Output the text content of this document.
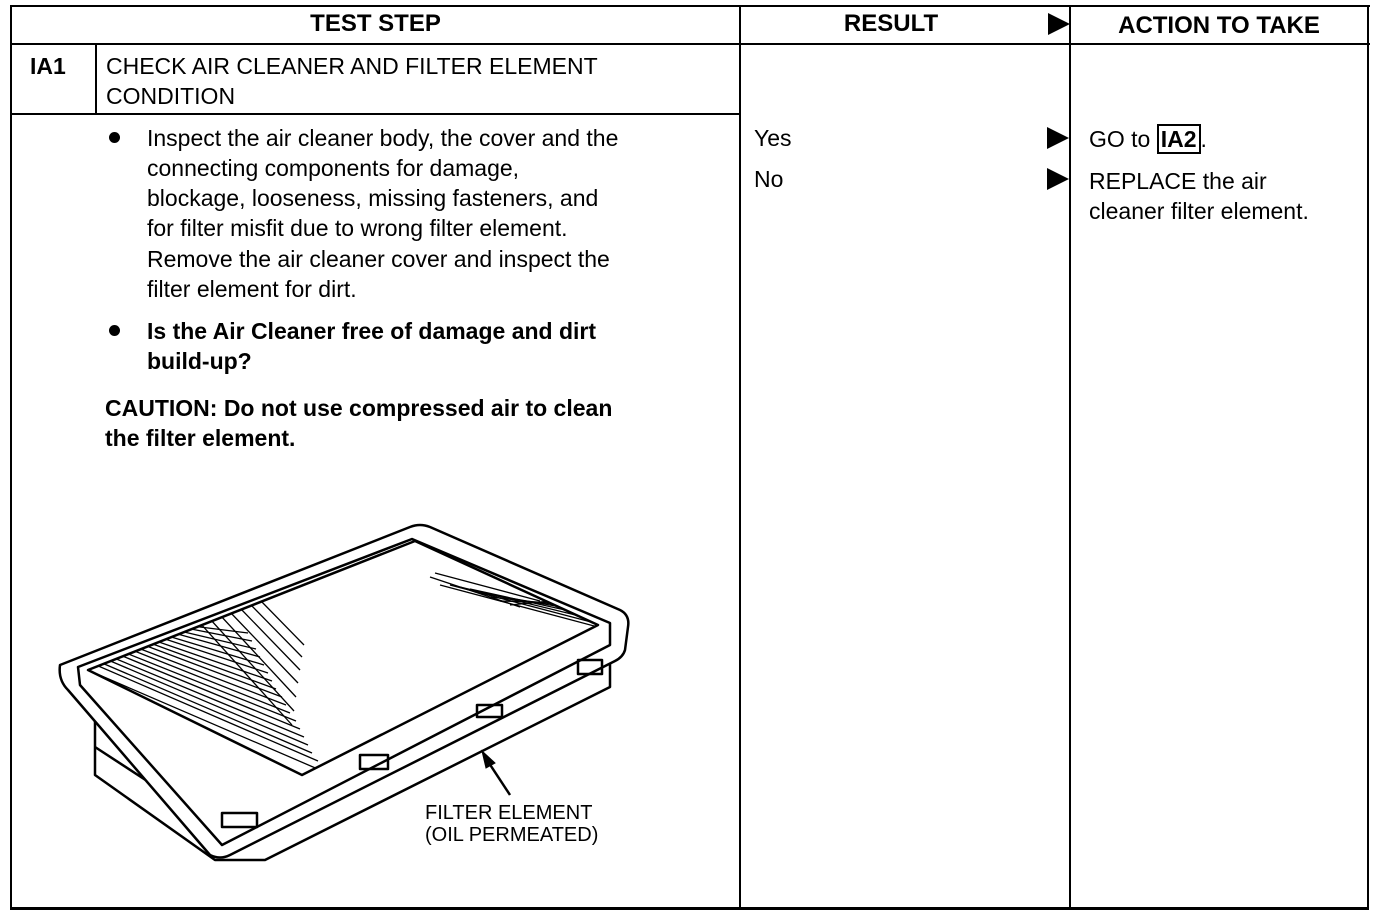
TEST STEP	RESULT	ACTION TO TAKE
IA1 CHECK AIR CLEANER AND FILTER ELEMENT
CONDITION
Inspect the air cleaner body, the cover and the
connecting components for damage,
blockage, looseness, missing fasteners, and
for filter misfit due to wrong filter element.
Remove the air cleaner cover and inspect the
filter element for dirt.
Is the Air Cleaner free of damage and dirt
build-up?
CAUTION: Do not use compressed air to clean
the filter element.
Yes
No
GO to IA2 .
REPLACE the air
cleaner filter element.
FILTER ELEMENT
(OIL PERMEATED)
